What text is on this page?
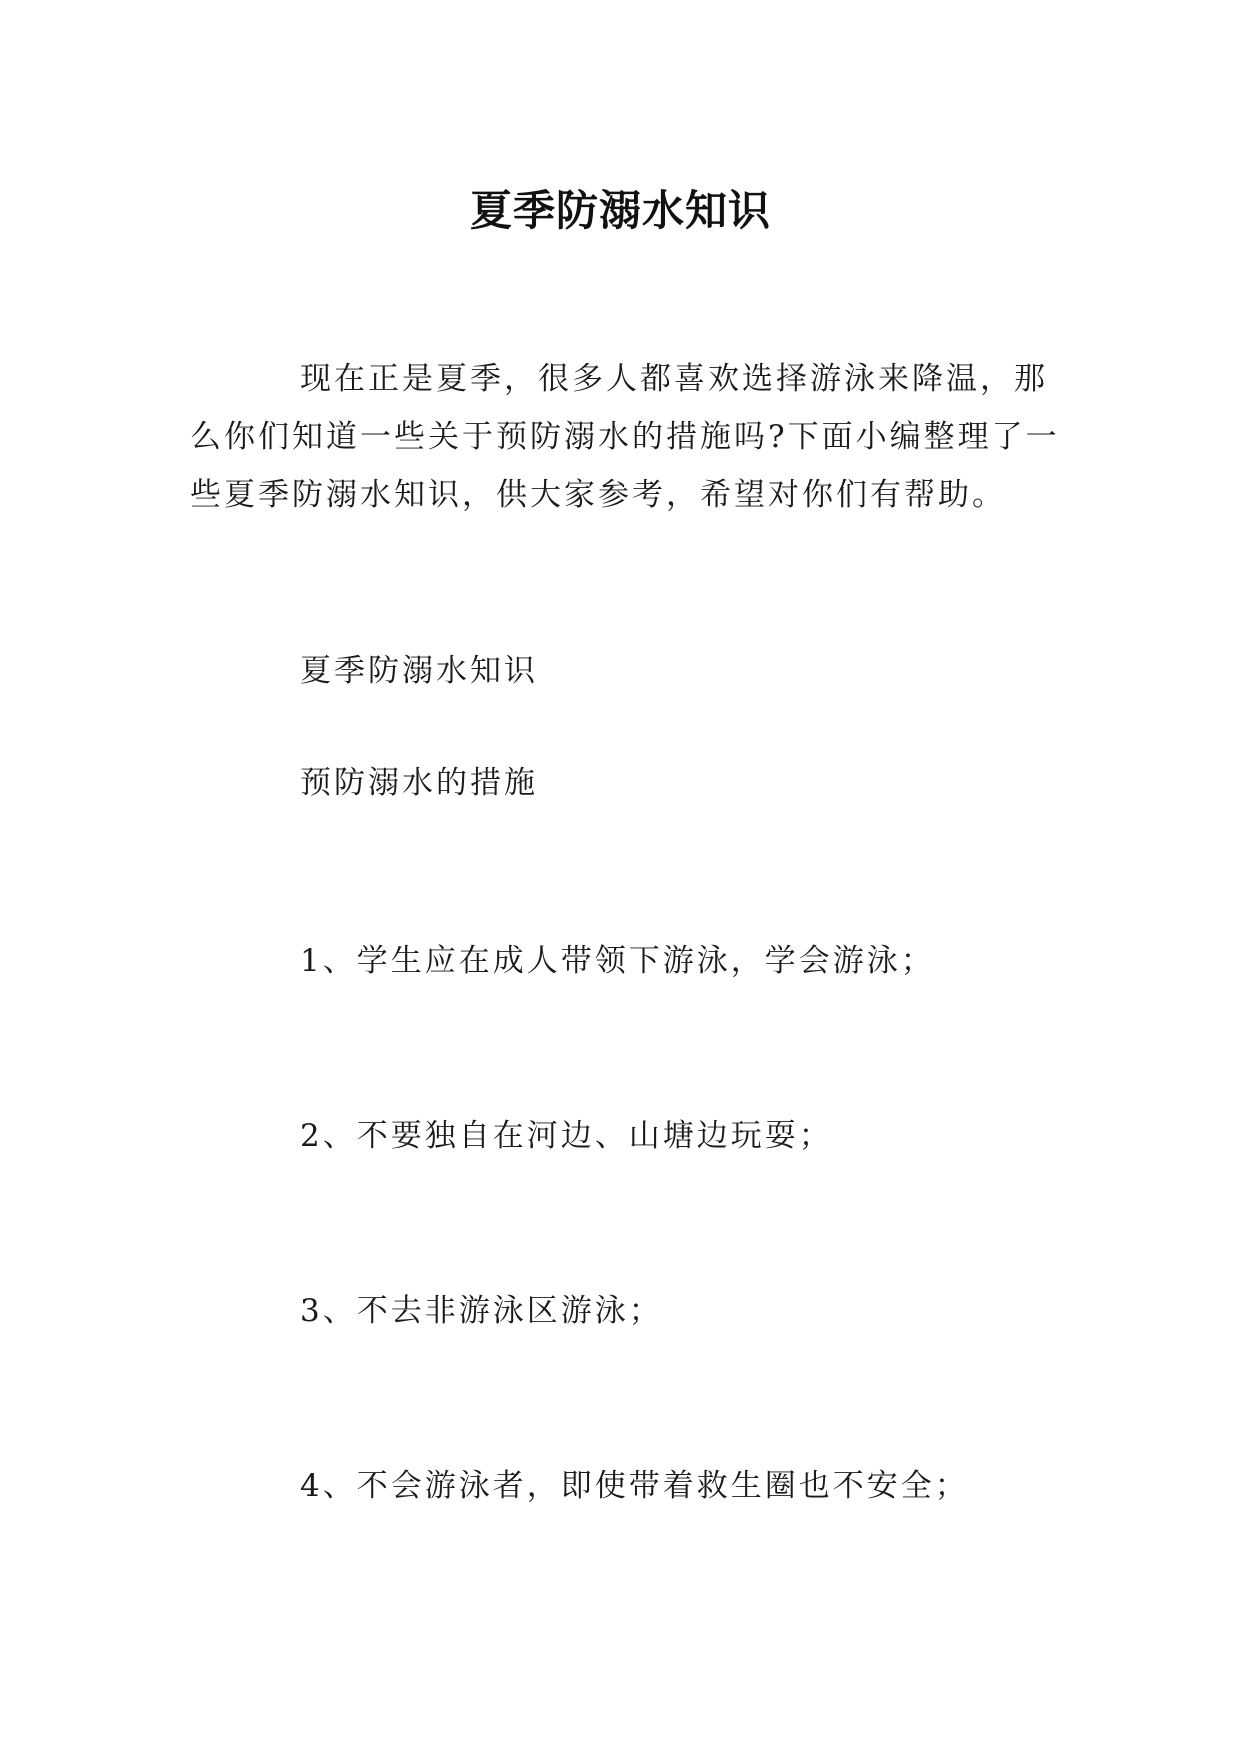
夏季防溺水知识

现在正是夏季，很多人都喜欢选择游泳来降温，那么你们知道一些关于预防溺水的措施吗?下面小编整理了一些夏季防溺水知识，供大家参考，希望对你们有帮助。

夏季防溺水知识

预防溺水的措施

1、学生应在成人带领下游泳，学会游泳；

2、不要独自在河边、山塘边玩耍；

3、不去非游泳区游泳；

4、不会游泳者，即使带着救生圈也不安全；
